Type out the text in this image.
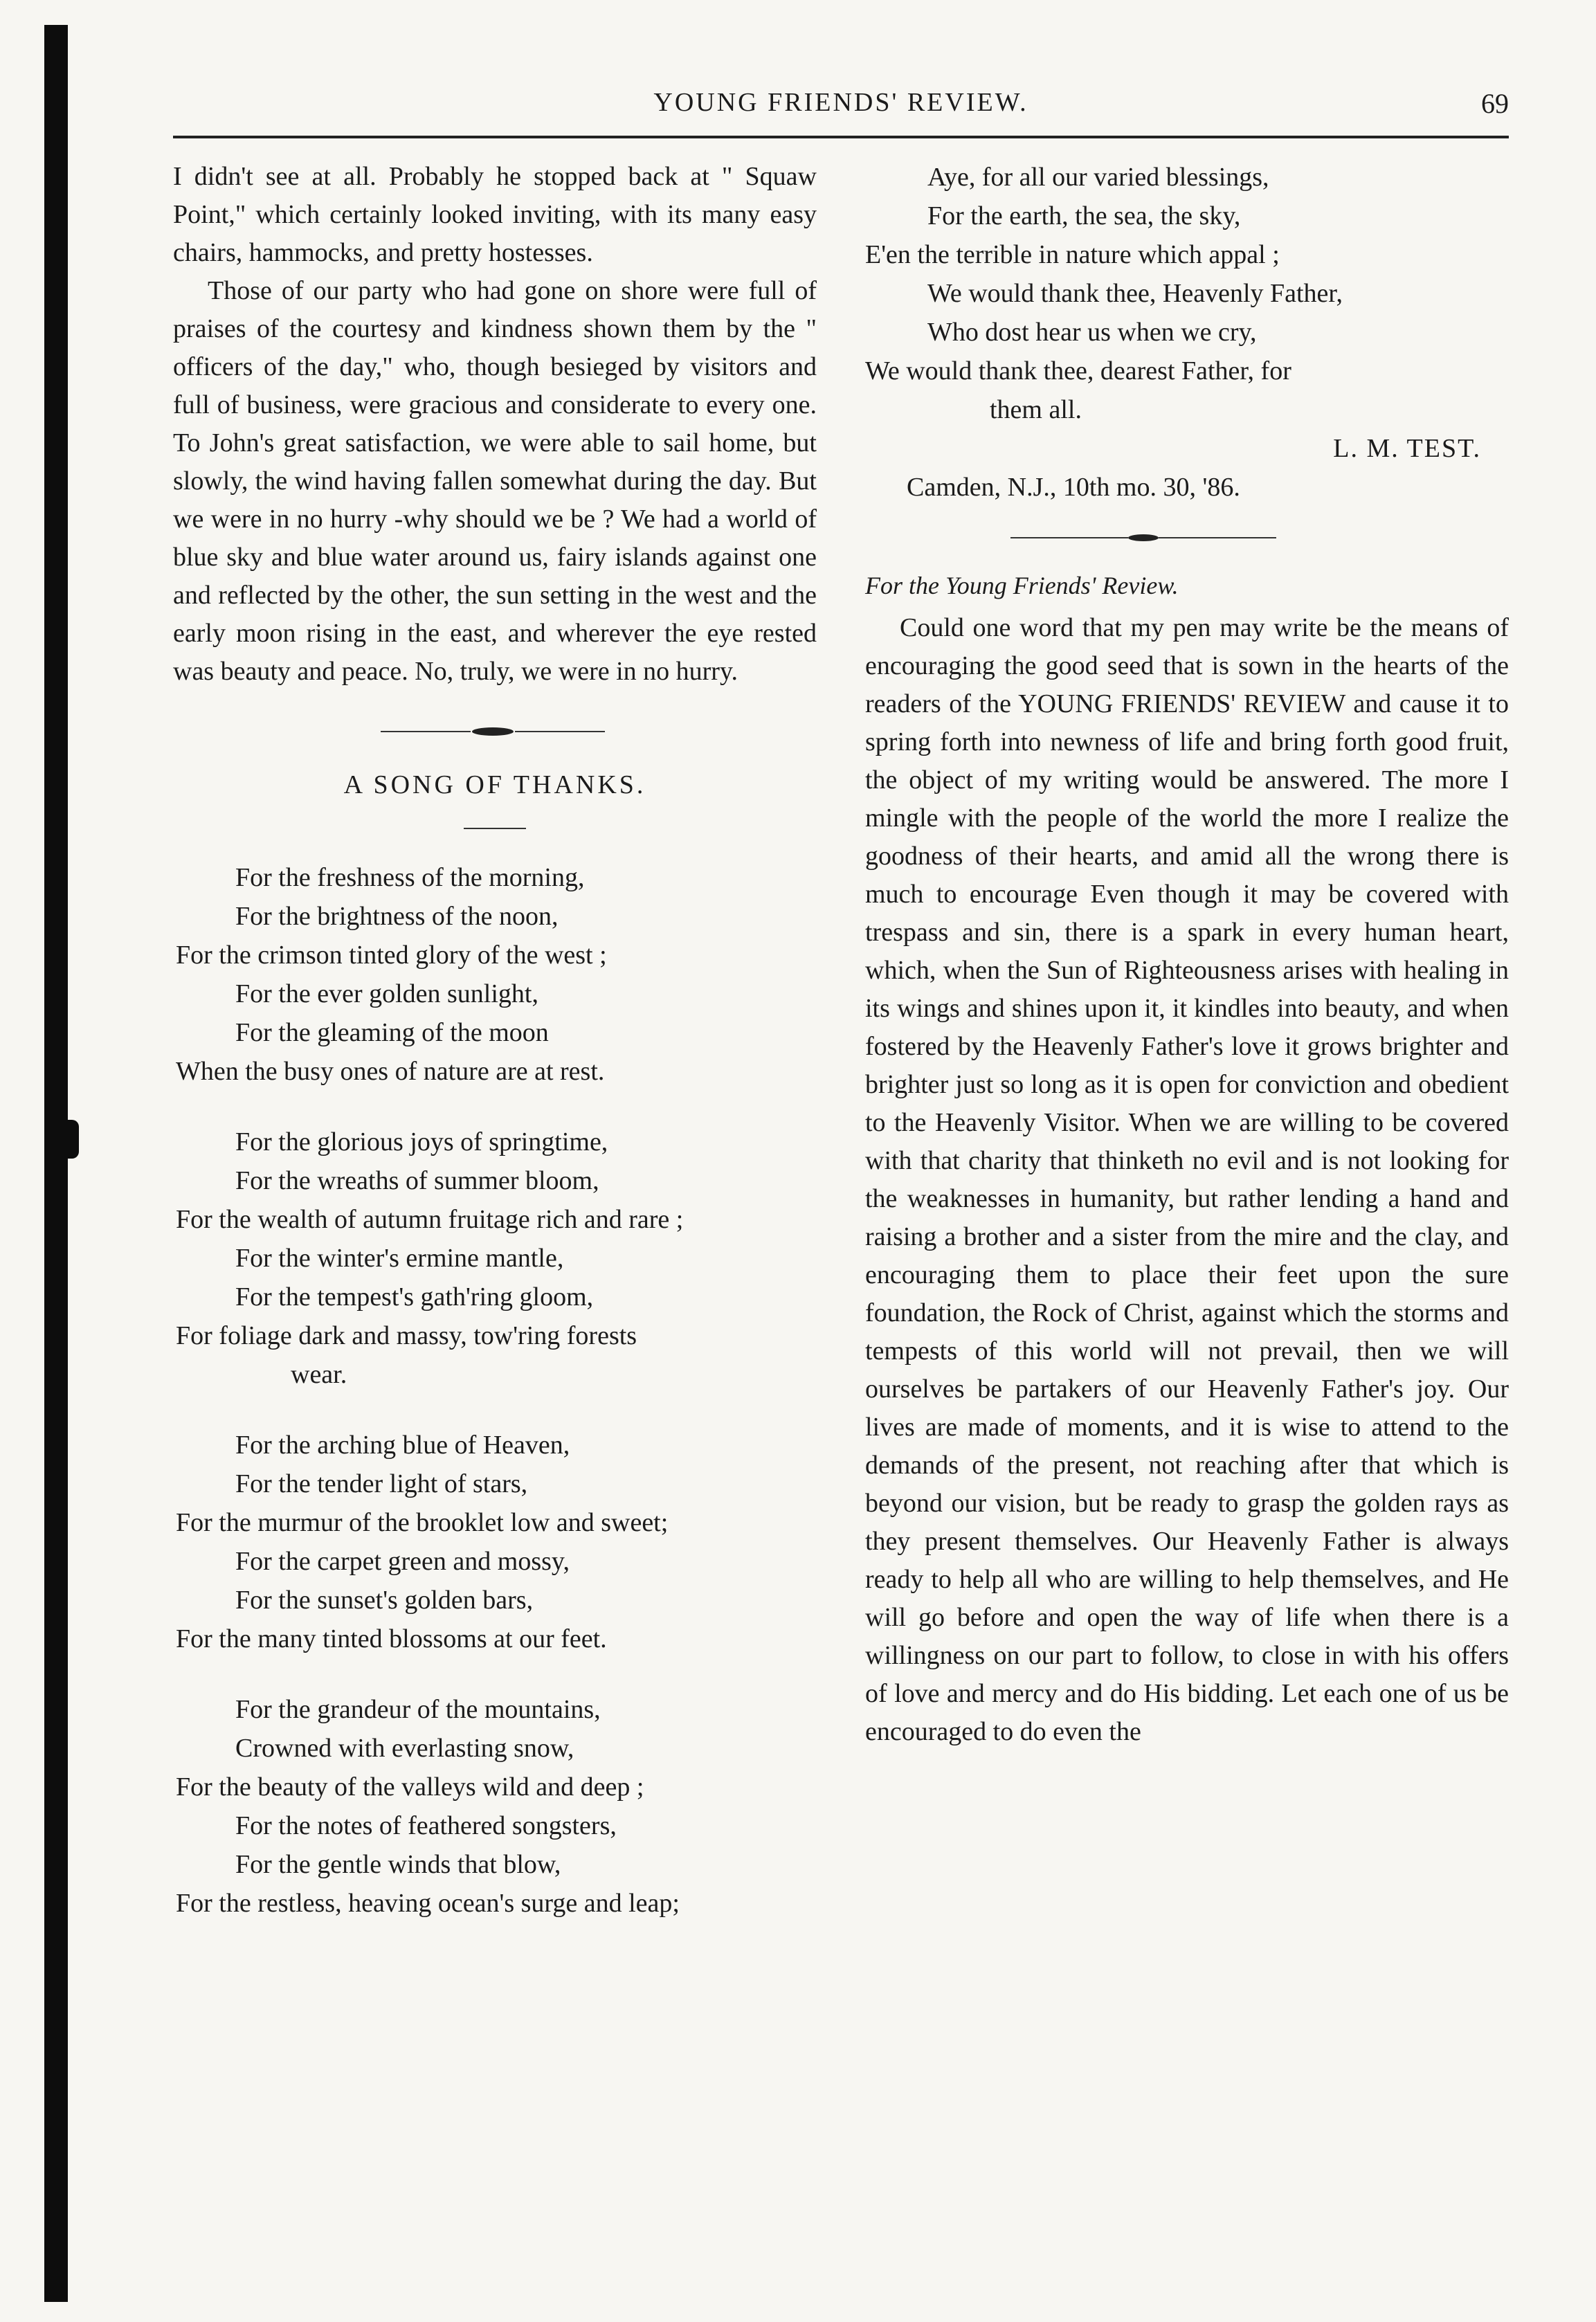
YOUNG FRIENDS' REVIEW.	69

I didn't see at all. Probably he stopped back at " Squaw Point," which certainly looked inviting, with its many easy chairs, hammocks, and pretty hostesses.

Those of our party who had gone on shore were full of praises of the courtesy and kindness shown them by the " officers of the day," who, though besieged by visitors and full of business, were gracious and considerate to every one. To John's great satisfaction, we were able to sail home, but slowly, the wind having fallen somewhat during the day. But we were in no hurry -why should we be ? We had a world of blue sky and blue water around us, fairy islands against one and reflected by the other, the sun setting in the west and the early moon rising in the east, and wherever the eye rested was beauty and peace. No, truly, we were in no hurry.

A SONG OF THANKS.
For the freshness of the morning,
For the brightness of the noon,
For the crimson tinted glory of the west ;
For the ever golden sunlight,
For the gleaming of the moon
When the busy ones of nature are at rest.
For the glorious joys of springtime,
For the wreaths of summer bloom,
For the wealth of autumn fruitage rich and rare ;
For the winter's ermine mantle,
For the tempest's gath'ring gloom,
For foliage dark and massy, tow'ring forests
wear.
For the arching blue of Heaven,
For the tender light of stars,
For the murmur of the brooklet low and sweet;
For the carpet green and mossy,
For the sunset's golden bars,
For the many tinted blossoms at our feet.
For the grandeur of the mountains,
Crowned with everlasting snow,
For the beauty of the valleys wild and deep ;
For the notes of feathered songsters,
For the gentle winds that blow,
For the restless, heaving ocean's surge and leap;
Aye, for all our varied blessings,
For the earth, the sea, the sky,
E'en the terrible in nature which appal ;
We would thank thee, Heavenly Father,
Who dost hear us when we cry,
We would thank thee, dearest Father, for
them all.
L. M. TEST.
Camden, N.J., 10th mo. 30, '86.

For the Young Friends' Review.

Could one word that my pen may write be the means of encouraging the good seed that is sown in the hearts of the readers of the YOUNG FRIENDS' REVIEW and cause it to spring forth into newness of life and bring forth good fruit, the object of my writing would be answered. The more I mingle with the people of the world the more I realize the goodness of their hearts, and amid all the wrong there is much to encourage Even though it may be covered with trespass and sin, there is a spark in every human heart, which, when the Sun of Righteousness arises with healing in its wings and shines upon it, it kindles into beauty, and when fostered by the Heavenly Father's love it grows brighter and brighter just so long as it is open for conviction and obedient to the Heavenly Visitor. When we are willing to be covered with that charity that thinketh no evil and is not looking for the weaknesses in humanity, but rather lending a hand and raising a brother and a sister from the mire and the clay, and encouraging them to place their feet upon the sure foundation, the Rock of Christ, against which the storms and tempests of this world will not prevail, then we will ourselves be partakers of our Heavenly Father's joy. Our lives are made of moments, and it is wise to attend to the demands of the present, not reaching after that which is beyond our vision, but be ready to grasp the golden rays as they present themselves. Our Heavenly Father is always ready to help all who are willing to help themselves, and He will go before and open the way of life when there is a willingness on our part to follow, to close in with his offers of love and mercy and do His bidding. Let each one of us be encouraged to do even the
